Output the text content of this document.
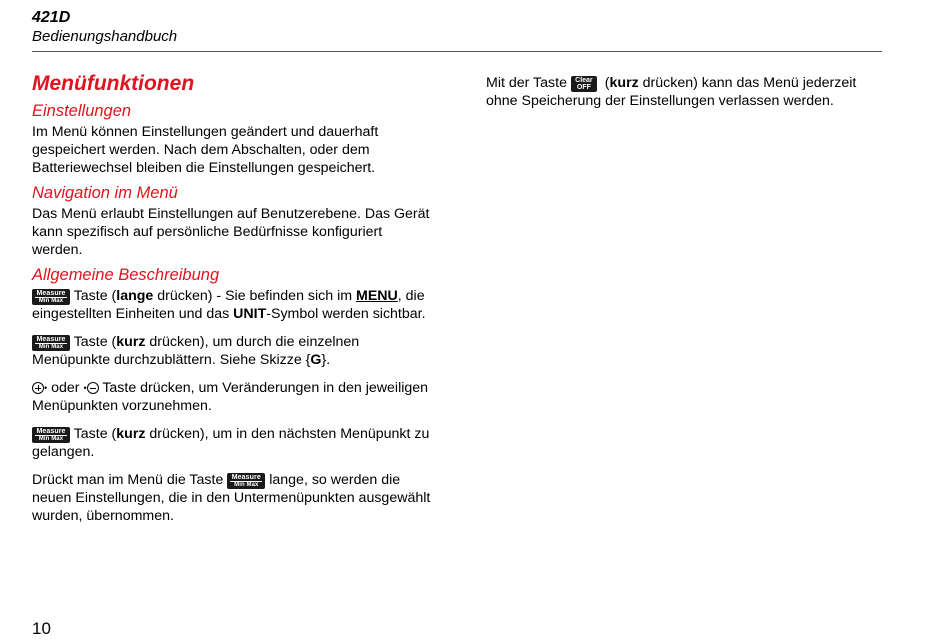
421D
Bedienungshandbuch
Menüfunktionen
Einstellungen

Im Menü können Einstellungen geändert und dauerhaft gespeichert werden. Nach dem Abschalten, oder dem Batteriewechsel bleiben die Einstellungen gespeichert.

Navigation im Menü

Das Menü erlaubt Einstellungen auf Benutzerebene. Das Gerät kann spezifisch auf persönliche Bedürfnisse konfiguriert werden.

Allgemeine Beschreibung

Measure
Min Max Taste (lange drücken) - Sie befinden sich im MENU, die eingestellten Einheiten und das UNIT-Symbol werden sichtbar.

Measure
Min Max Taste (kurz drücken), um durch die einzelnen Menüpunkte durchzublättern. Siehe Skizze {G}.

• oder • Taste drücken, um Veränderungen in den jeweiligen Menüpunkten vorzunehmen.

Measure
Min Max Taste (kurz drücken), um in den nächsten Menüpunkt zu gelangen.

Drückt man im Menü die Taste Measure
Min Max lange, so werden die neuen Einstellungen, die in den Untermenüpunkten ausgewählt wurden, übernommen.

Mit der Taste Clear
OFF (kurz drücken) kann das Menü jederzeit ohne Speicherung der Einstellungen verlassen werden.

10
